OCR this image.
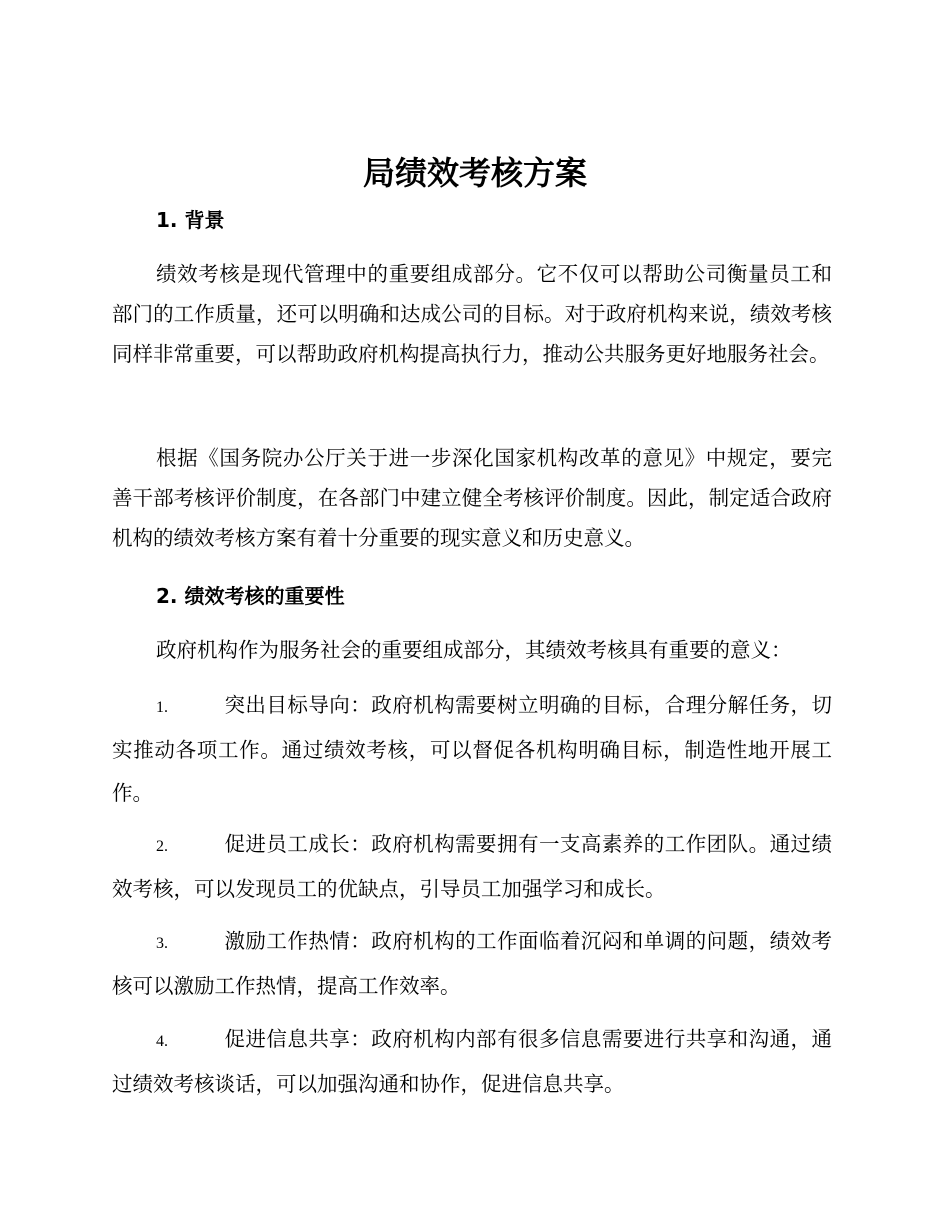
局绩效考核方案
1. 背景

绩效考核是现代管理中的重要组成部分。它不仅可以帮助公司衡量员工和部门的工作质量，还可以明确和达成公司的目标。对于政府机构来说，绩效考核同样非常重要，可以帮助政府机构提高执行力，推动公共服务更好地服务社会。

根据《国务院办公厅关于进一步深化国家机构改革的意见》中规定，要完善干部考核评价制度，在各部门中建立健全考核评价制度。因此，制定适合政府机构的绩效考核方案有着十分重要的现实意义和历史意义。

2. 绩效考核的重要性

政府机构作为服务社会的重要组成部分，其绩效考核具有重要的意义：

1.	突出目标导向：政府机构需要树立明确的目标，合理分解任务，切实推动各项工作。通过绩效考核，可以督促各机构明确目标，制造性地开展工作。

2.	促进员工成长：政府机构需要拥有一支高素养的工作团队。通过绩效考核，可以发现员工的优缺点，引导员工加强学习和成长。

3.	激励工作热情：政府机构的工作面临着沉闷和单调的问题，绩效考核可以激励工作热情，提高工作效率。

4.	促进信息共享：政府机构内部有很多信息需要进行共享和沟通，通过绩效考核谈话，可以加强沟通和协作，促进信息共享。
